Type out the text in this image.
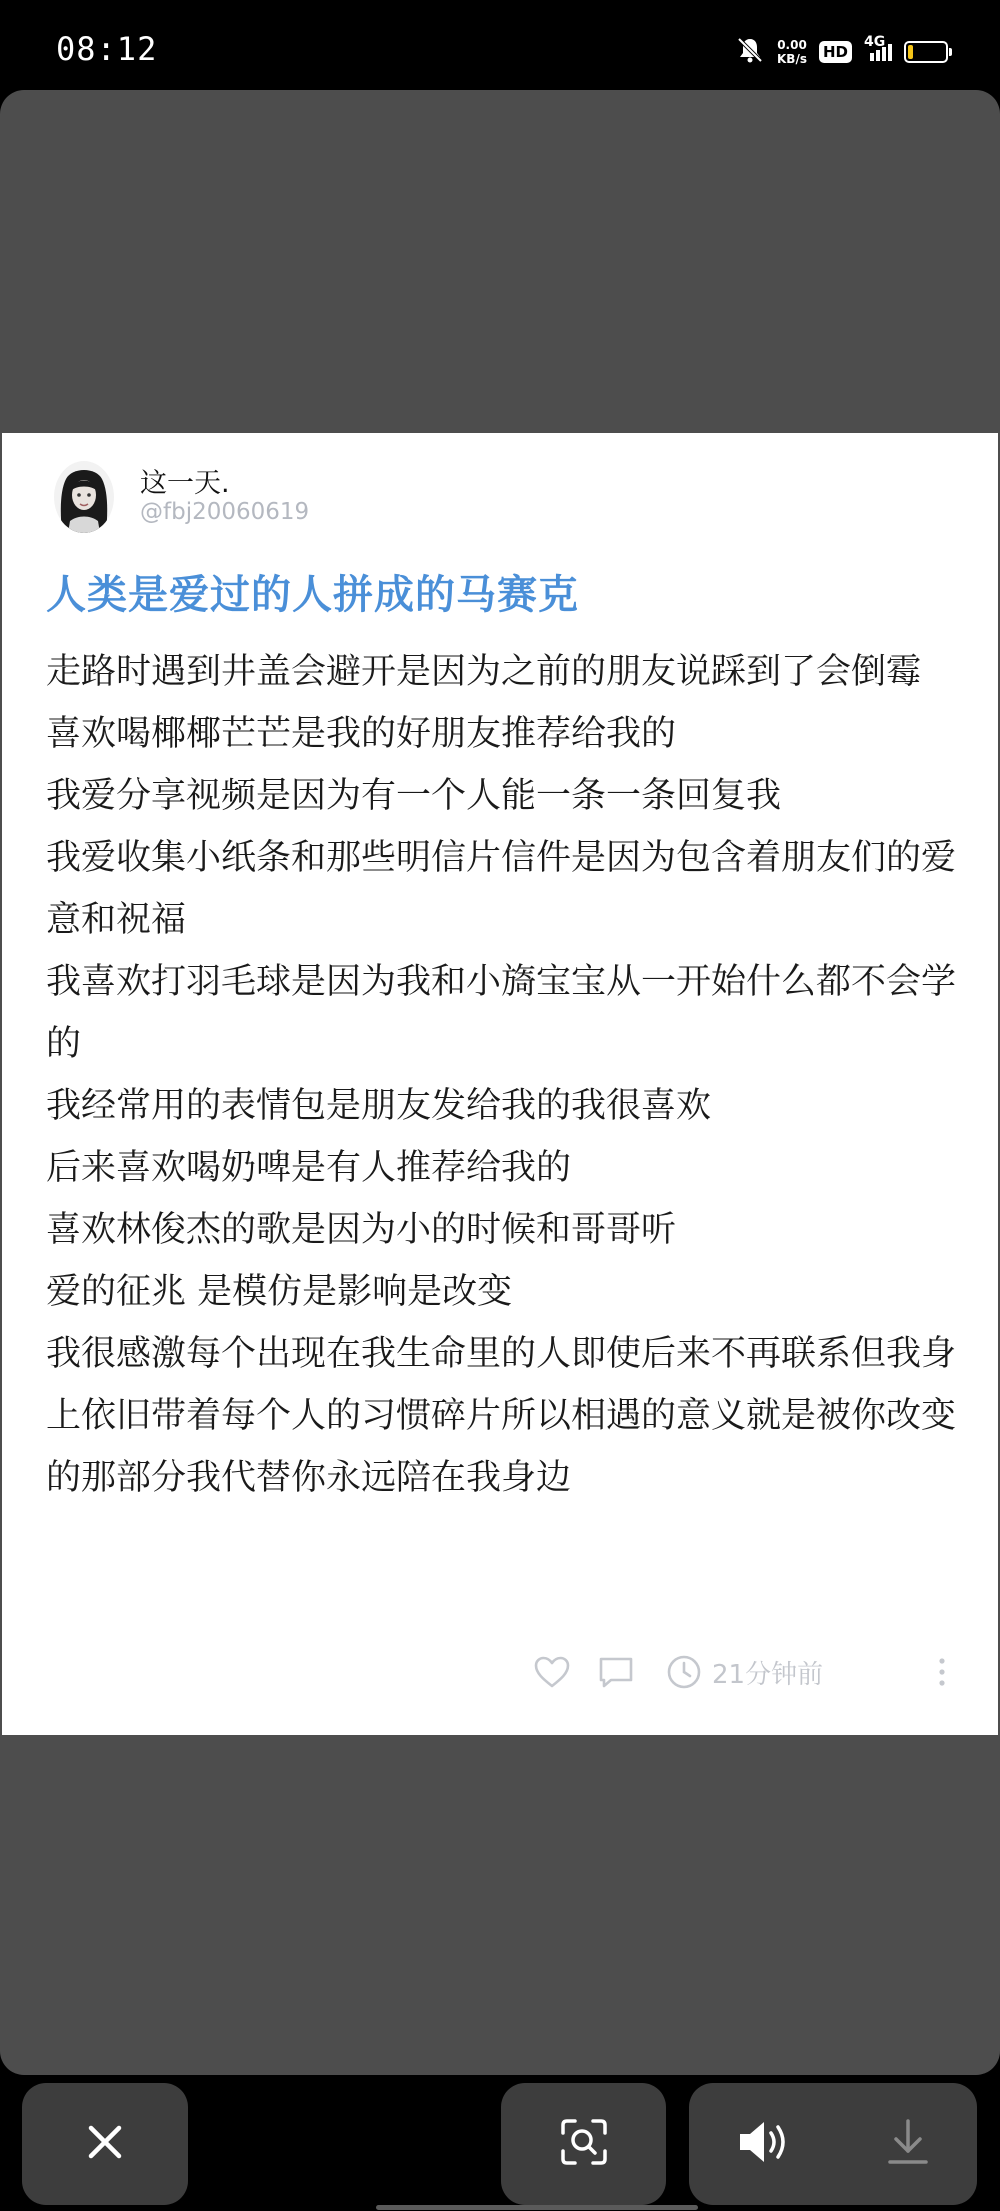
08:12	0.00
KB/s HD
4G
14
这一天.
@fbj20060619
人类是爱过的人拼成的马赛克

走路时遇到井盖会避开是因为之前的朋友说踩到了会倒霉

喜欢喝椰椰芒芒是我的好朋友推荐给我的

我爱分享视频是因为有一个人能一条一条回复我

我爱收集小纸条和那些明信片信件是因为包含着朋友们的爱意和祝福

我喜欢打羽毛球是因为我和小旖宝宝从一开始什么都不会学的

我经常用的表情包是朋友发给我的我很喜欢

后来喜欢喝奶啤是有人推荐给我的

喜欢林俊杰的歌是因为小的时候和哥哥听

爱的征兆 是模仿是影响是改变

我很感激每个出现在我生命里的人即使后来不再联系但我身上依旧带着每个人的习惯碎片所以相遇的意义就是被你改变的那部分我代替你永远陪在我身边

21分钟前
